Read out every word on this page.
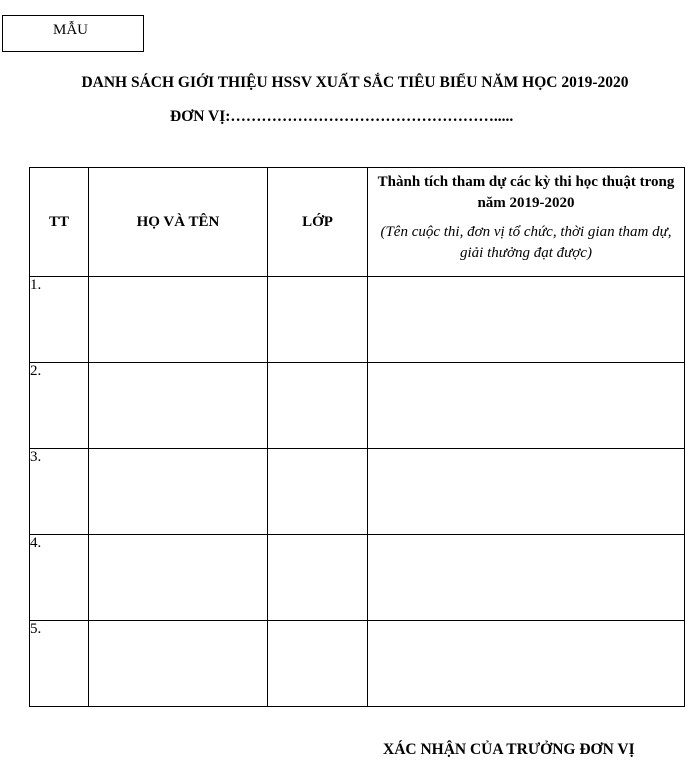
MẪU
DANH SÁCH GIỚI THIỆU HSSV XUẤT SẮC TIÊU BIỂU NĂM HỌC 2019-2020
ĐƠN VỊ:…………………………………………….....
TT	HỌ VÀ TÊN	LỚP	Thành tích tham dự các kỳ thi học thuật trong năm 2019-2020
(Tên cuộc thi, đơn vị tổ chức, thời gian tham dự, giải thưởng đạt được)

1.			
2.			
3.			
4.			
5.			
XÁC NHẬN CỦA TRƯỞNG ĐƠN VỊ
